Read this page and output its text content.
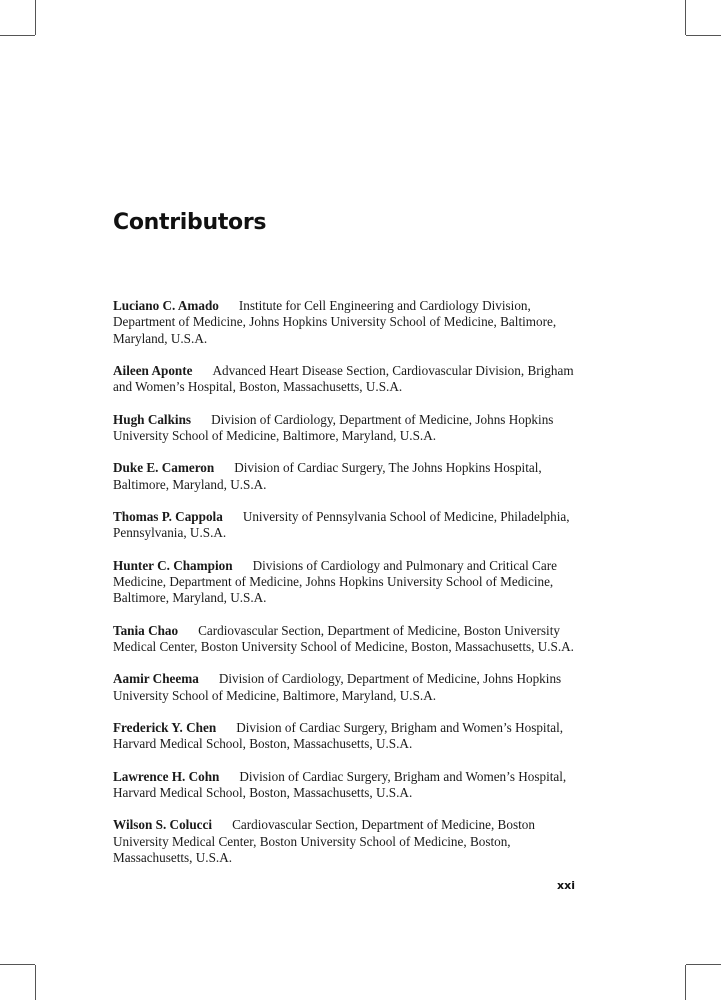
Contributors
Luciano C. Amado Institute for Cell Engineering and Cardiology Division, Department of Medicine, Johns Hopkins University School of Medicine, Baltimore, Maryland, U.S.A.
Aileen Aponte Advanced Heart Disease Section, Cardiovascular Division, Brigham and Women’s Hospital, Boston, Massachusetts, U.S.A.
Hugh Calkins Division of Cardiology, Department of Medicine, Johns Hopkins University School of Medicine, Baltimore, Maryland, U.S.A.
Duke E. Cameron Division of Cardiac Surgery, The Johns Hopkins Hospital, Baltimore, Maryland, U.S.A.
Thomas P. Cappola University of Pennsylvania School of Medicine, Philadelphia, Pennsylvania, U.S.A.
Hunter C. Champion Divisions of Cardiology and Pulmonary and Critical Care Medicine, Department of Medicine, Johns Hopkins University School of Medicine, Baltimore, Maryland, U.S.A.
Tania Chao Cardiovascular Section, Department of Medicine, Boston University Medical Center, Boston University School of Medicine, Boston, Massachusetts, U.S.A.
Aamir Cheema Division of Cardiology, Department of Medicine, Johns Hopkins University School of Medicine, Baltimore, Maryland, U.S.A.
Frederick Y. Chen Division of Cardiac Surgery, Brigham and Women’s Hospital, Harvard Medical School, Boston, Massachusetts, U.S.A.
Lawrence H. Cohn Division of Cardiac Surgery, Brigham and Women’s Hospital, Harvard Medical School, Boston, Massachusetts, U.S.A.
Wilson S. Colucci Cardiovascular Section, Department of Medicine, Boston University Medical Center, Boston University School of Medicine, Boston, Massachusetts, U.S.A.
xxi
